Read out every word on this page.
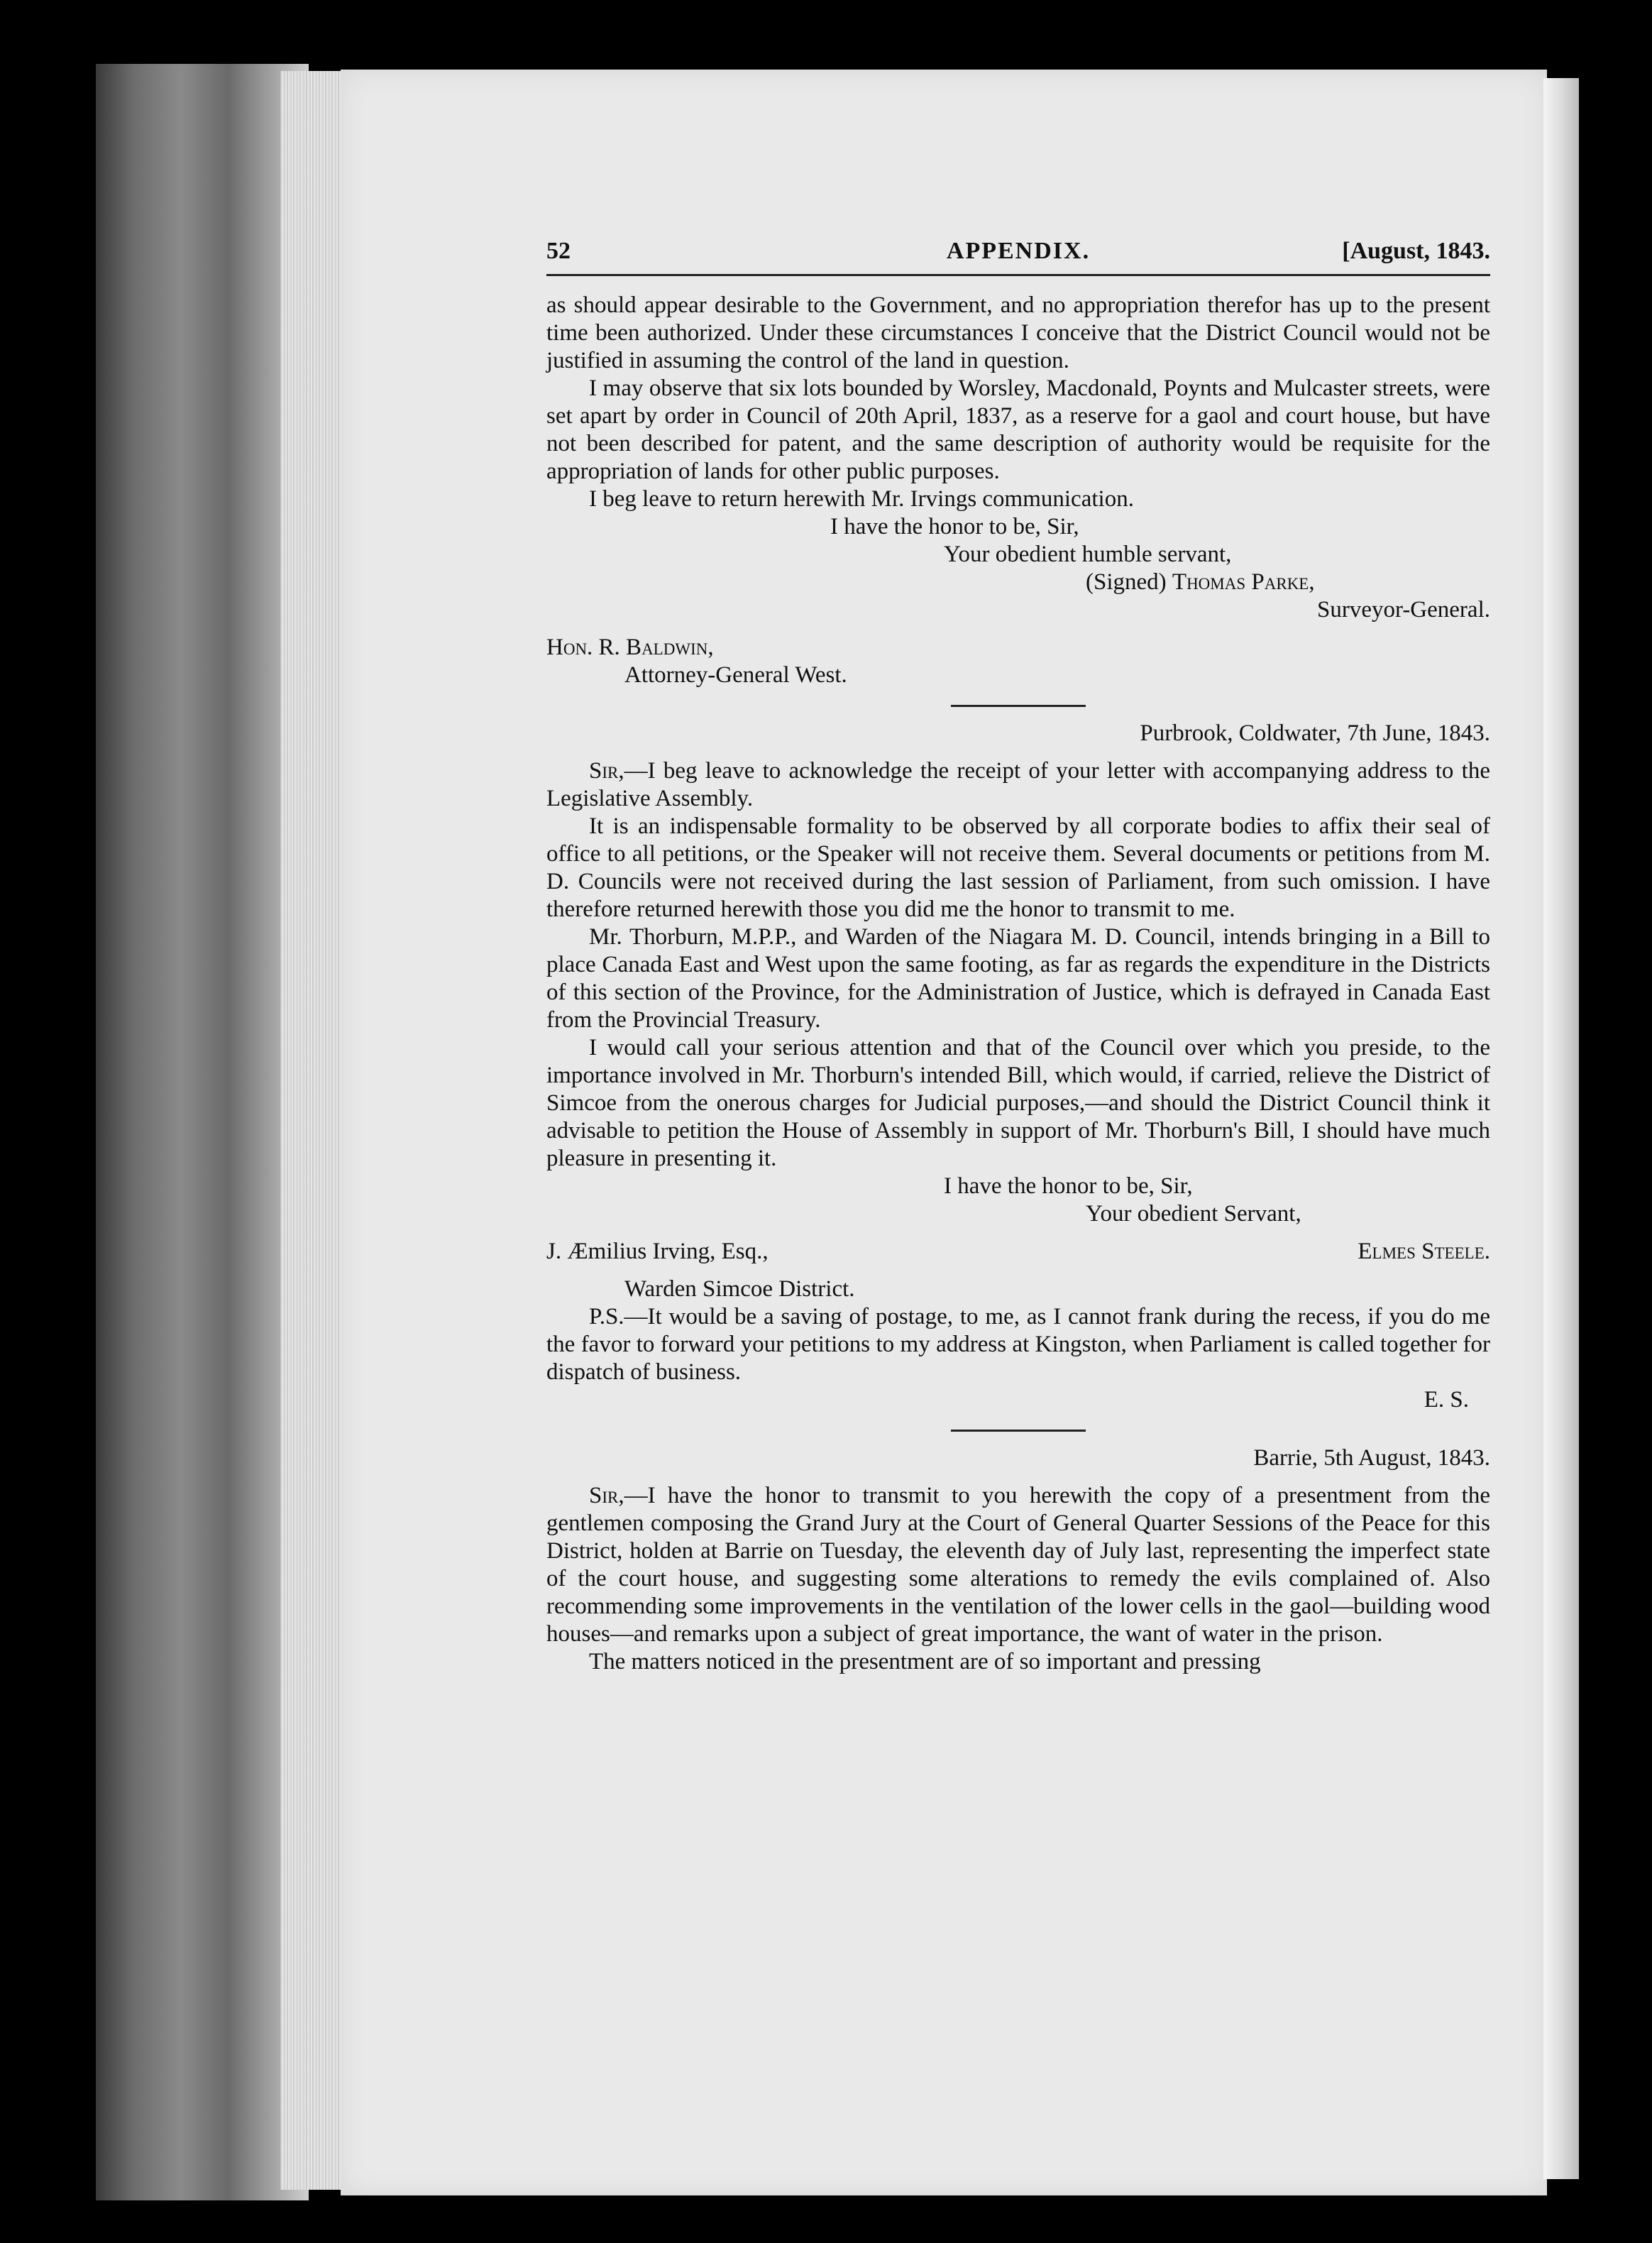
52	APPENDIX.	[August, 1843.

as should appear desirable to the Government, and no appropriation therefor has up to the present time been authorized. Under these circumstances I conceive that the District Council would not be justified in assuming the control of the land in question.

I may observe that six lots bounded by Worsley, Macdonald, Poynts and Mulcaster streets, were set apart by order in Council of 20th April, 1837, as a reserve for a gaol and court house, but have not been described for patent, and the same description of authority would be requisite for the appropriation of lands for other public purposes.

I beg leave to return herewith Mr. Irvings communication.

I have the honor to be, Sir,
Your obedient humble servant,
(Signed) Thomas Parke,
Surveyor-General.
Hon. R. Baldwin,
Attorney-General West.
Purbrook, Coldwater, 7th June, 1843.

Sir,—I beg leave to acknowledge the receipt of your letter with accompanying address to the Legislative Assembly.

It is an indispensable formality to be observed by all corporate bodies to affix their seal of office to all petitions, or the Speaker will not receive them. Several documents or petitions from M. D. Councils were not received during the last session of Parliament, from such omission. I have therefore returned herewith those you did me the honor to transmit to me.

Mr. Thorburn, M.P.P., and Warden of the Niagara M. D. Council, intends bringing in a Bill to place Canada East and West upon the same footing, as far as regards the expenditure in the Districts of this section of the Province, for the Administration of Justice, which is defrayed in Canada East from the Provincial Treasury.

I would call your serious attention and that of the Council over which you preside, to the importance involved in Mr. Thorburn's intended Bill, which would, if carried, relieve the District of Simcoe from the onerous charges for Judicial purposes,—and should the District Council think it advisable to petition the House of Assembly in support of Mr. Thorburn's Bill, I should have much pleasure in presenting it.

I have the honor to be, Sir,
Your obedient Servant,
J. Æmilius Irving, Esq.,	Elmes Steele.
Warden Simcoe District.

P.S.—It would be a saving of postage, to me, as I cannot frank during the recess, if you do me the favor to forward your petitions to my address at Kingston, when Parliament is called together for dispatch of business.

E. S.
Barrie, 5th August, 1843.

Sir,—I have the honor to transmit to you herewith the copy of a presentment from the gentlemen composing the Grand Jury at the Court of General Quarter Sessions of the Peace for this District, holden at Barrie on Tuesday, the eleventh day of July last, representing the imperfect state of the court house, and suggesting some alterations to remedy the evils complained of. Also recommending some improvements in the ventilation of the lower cells in the gaol—building wood houses—and remarks upon a subject of great importance, the want of water in the prison.

The matters noticed in the presentment are of so important and pressing
